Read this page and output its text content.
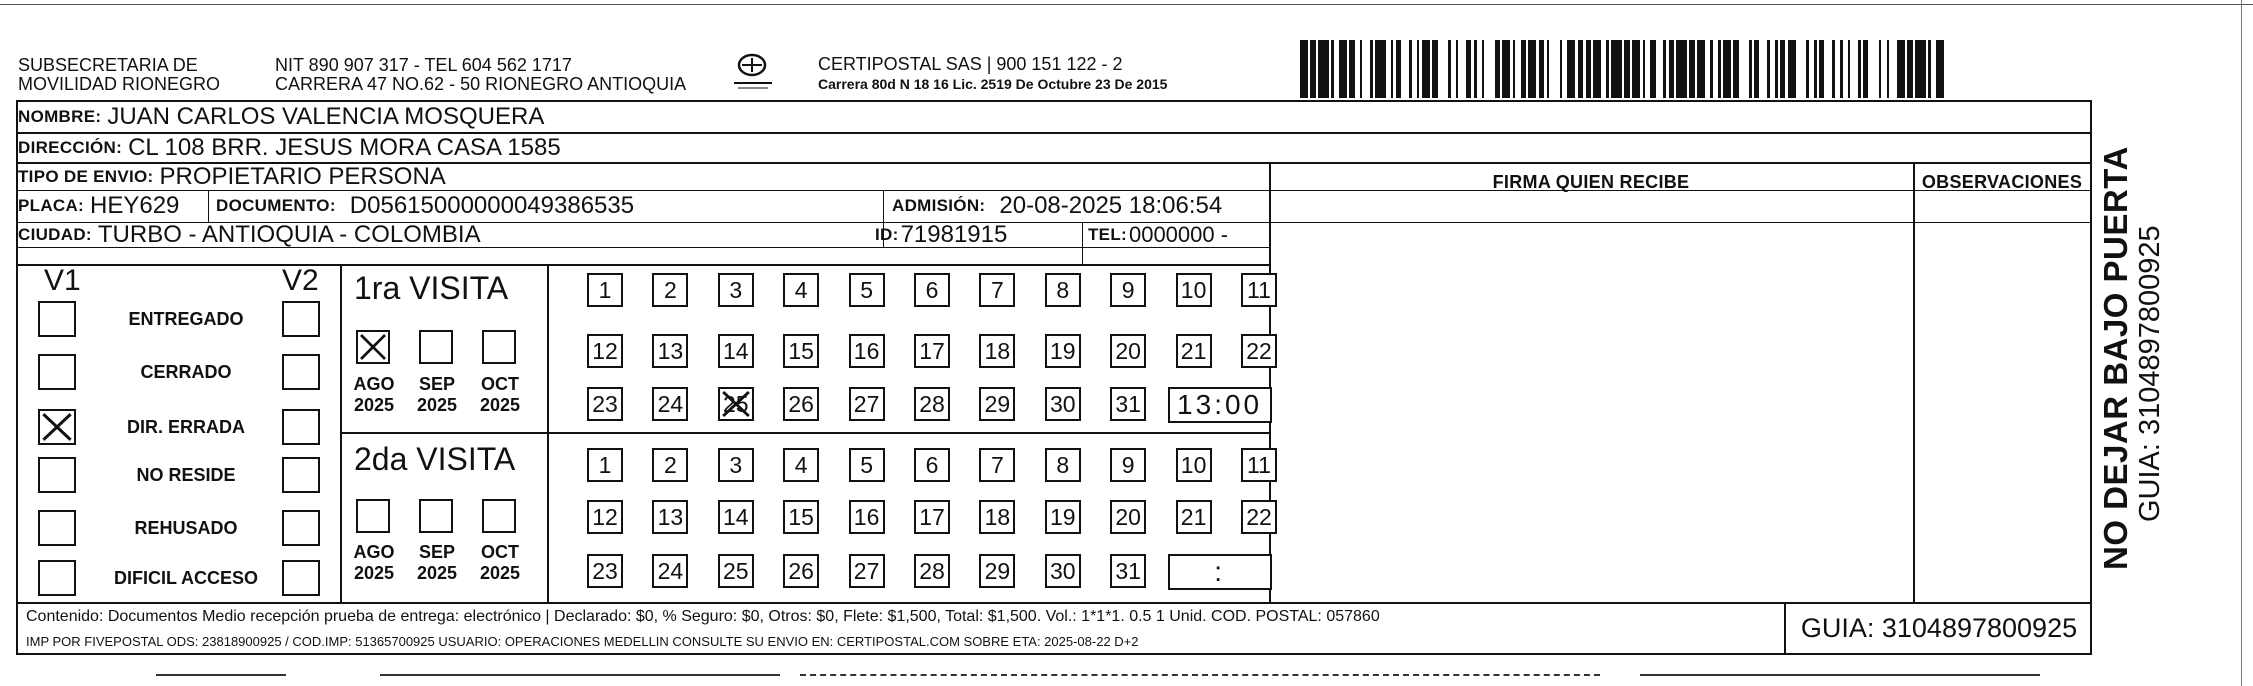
SUBSECRETARIA DE
MOVILIDAD RIONEGRO
NIT 890 907 317 - TEL 604 562 1717
CARRERA 47 NO.62 - 50 RIONEGRO ANTIOQUIA
CERTIPOSTAL SAS | 900 151 122 - 2
Carrera 80d N 18 16 Lic. 2519 De Octubre 23 De 2015
NOMBRE: JUAN CARLOS VALENCIA MOSQUERA
DIRECCIÓN: CL 108 BRR. JESUS MORA CASA 1585
TIPO DE ENVIO: PROPIETARIO PERSONA
PLACA: HEY629 DOCUMENTO: D05615000000049386535	ADMISIÓN: 20-08-2025 18:06:54
CIUDAD: TURBO - ANTIOQUIA - COLOMBIA	ID: 71981915	TEL: 0000000 -
FIRMA QUIEN RECIBE	OBSERVACIONES
V1	V2
ENTREGADO
CERRADO
DIR. ERRADA
NO RESIDE
REHUSADO
DIFICIL ACCESO
1ra VISITA
2da VISITA
AGO
2025
SEP
2025
OCT
2025
AGO
2025
SEP
2025
OCT
2025
1 2 3 4 5 6 7 8 9 10 11
12 13 14 15 16 17 18 19 20 21 22
23 24 25 26 27 28 29 30 31 13:00
1 2 3 4 5 6 7 8 9 10 11
12 13 14 15 16 17 18 19 20 21 22
23 24 25 26 27 28 29 30 31	:
Contenido: Documentos Medio recepción prueba de entrega: electrónico | Declarado: $0, % Seguro: $0, Otros: $0, Flete: $1,500, Total: $1,500. Vol.: 1*1*1. 0.5 1 Unid. COD. POSTAL: 057860
IMP POR FIVEPOSTAL ODS: 23818900925 / COD.IMP: 51365700925 USUARIO: OPERACIONES MEDELLIN CONSULTE SU ENVIO EN: CERTIPOSTAL.COM SOBRE ETA: 2025-08-22 D+2	GUIA: 3104897800925
NO DEJAR BAJO PUERTA GUIA: 3104897800925
